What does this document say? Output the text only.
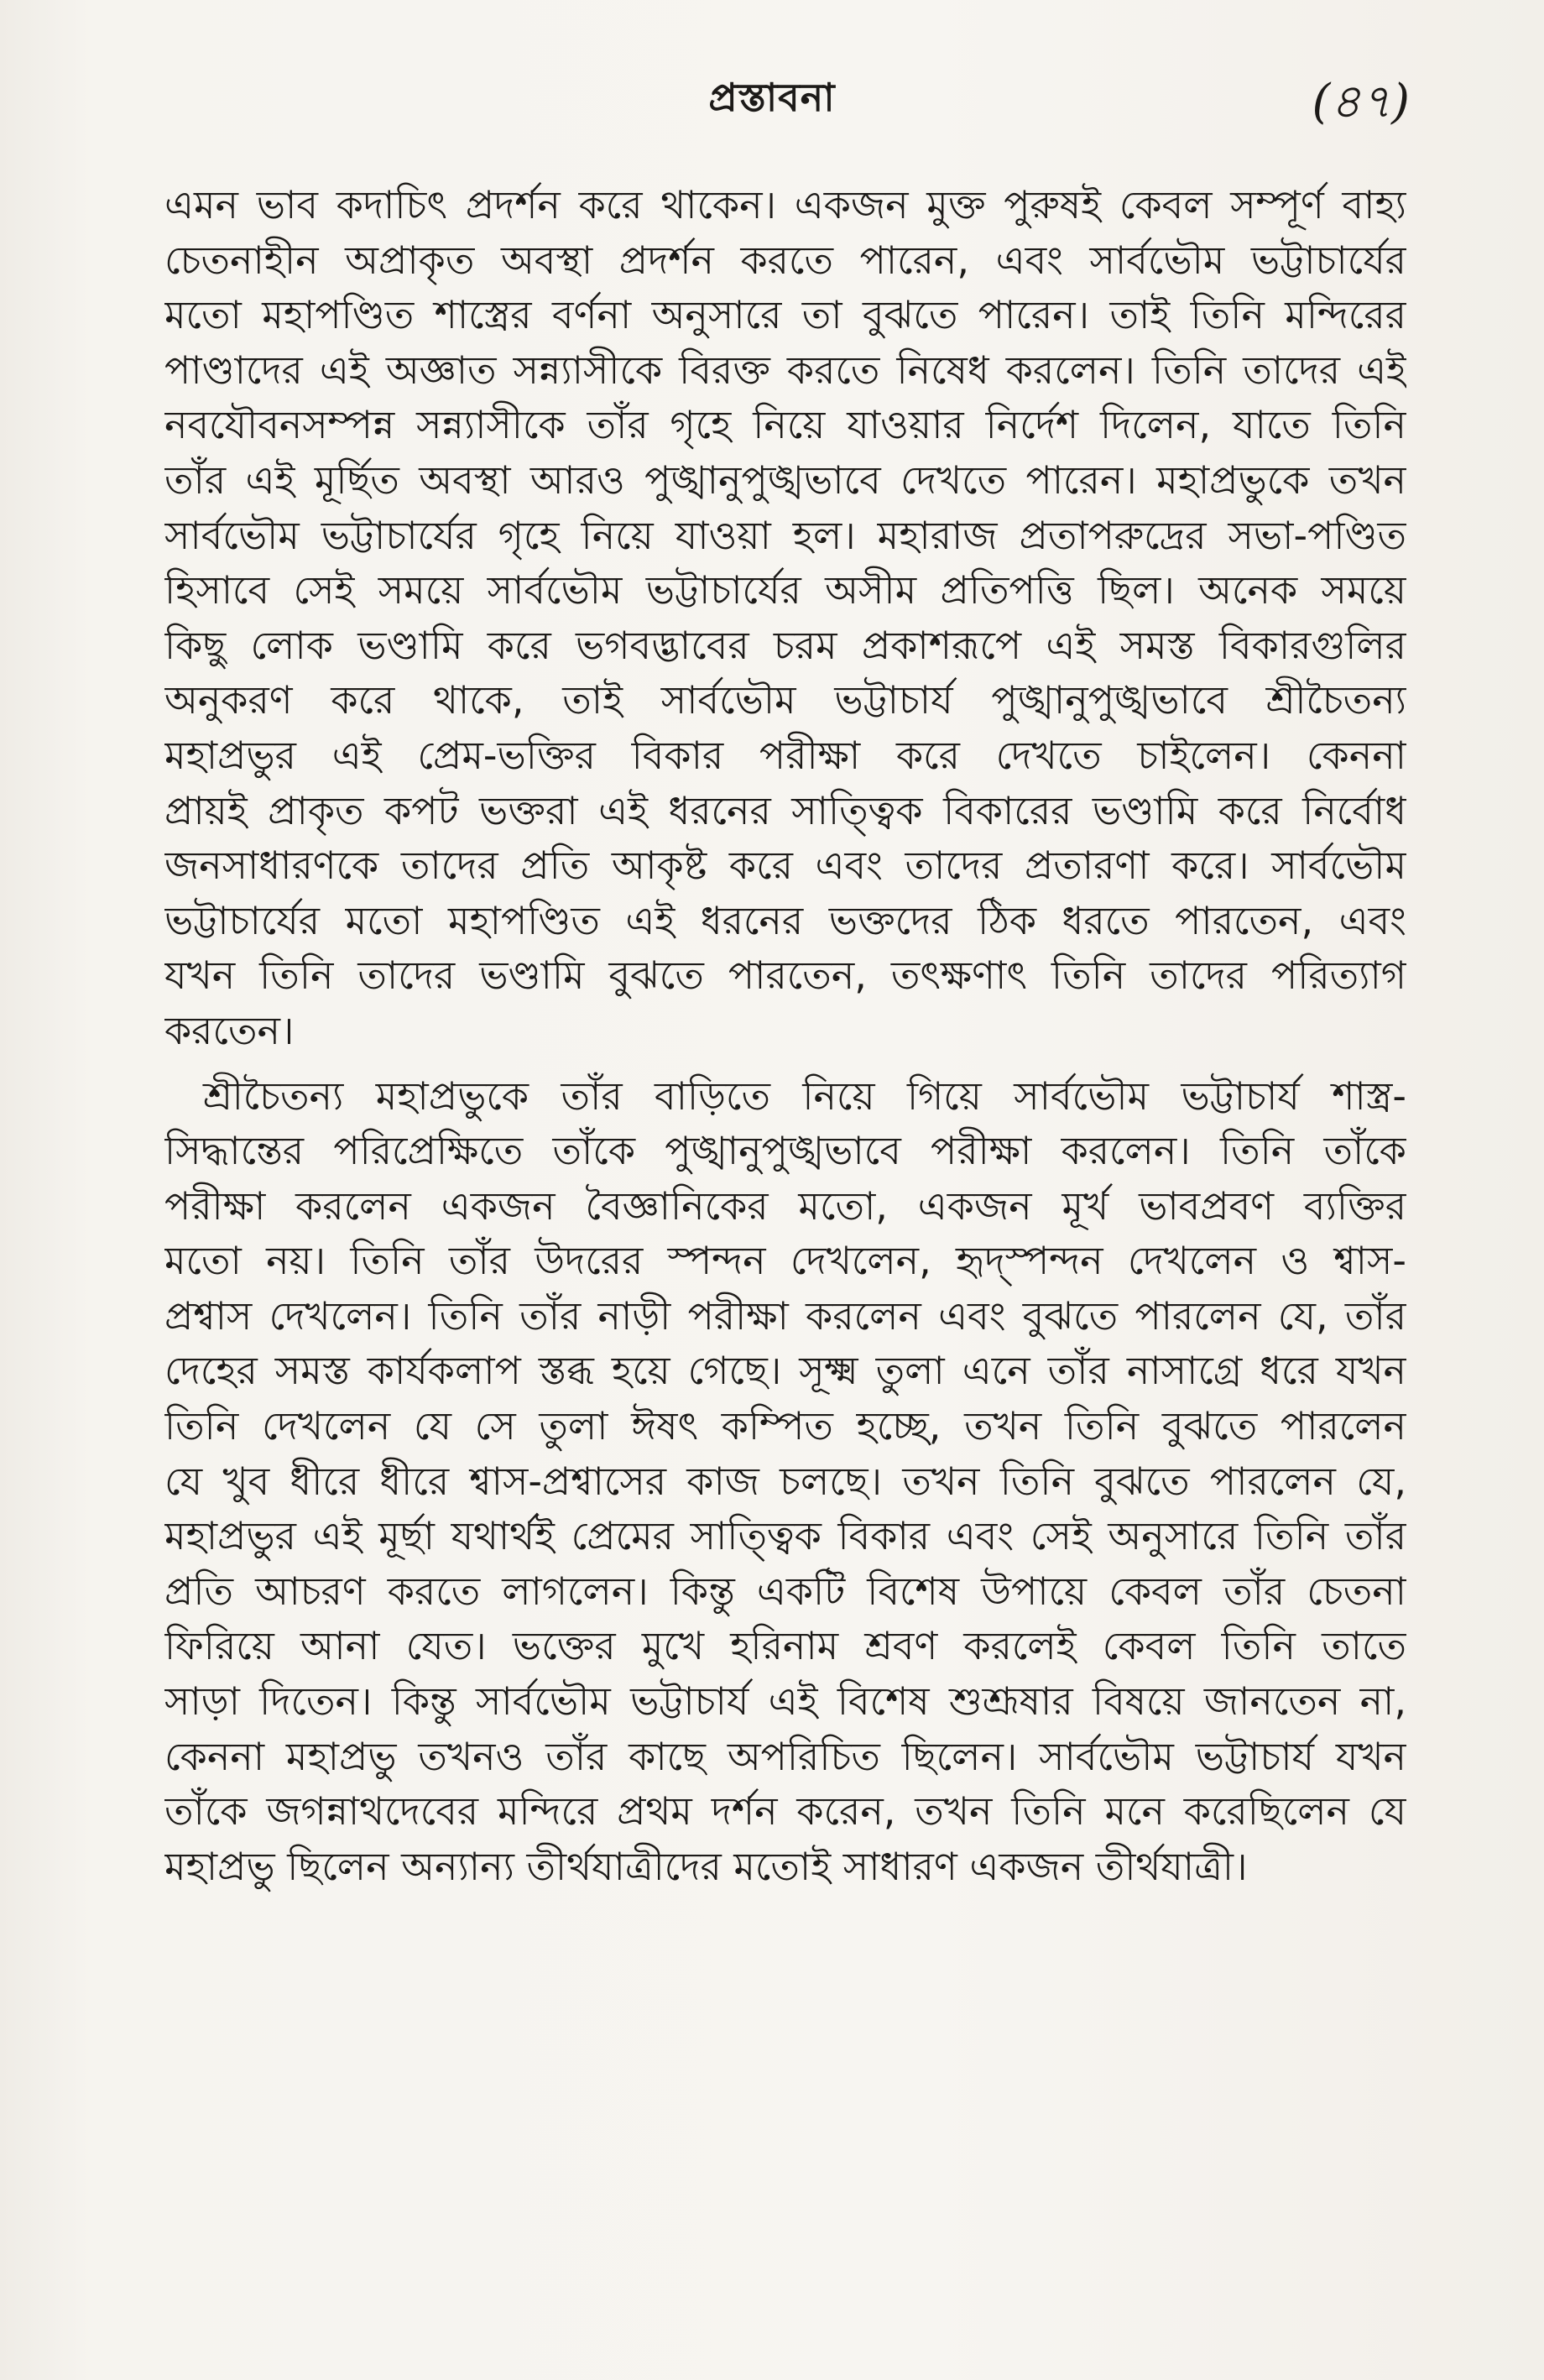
প্রস্তাবনা	(৪৭)
এমন ভাব কদাচিৎ প্রদর্শন করে থাকেন। একজন মুক্ত পুরুষই কেবল সম্পূর্ণ বাহ্য
চেতনাহীন অপ্রাকৃত অবস্থা প্রদর্শন করতে পারেন, এবং সার্বভৌম ভট্টাচার্যের
মতো মহাপণ্ডিত শাস্ত্রের বর্ণনা অনুসারে তা বুঝতে পারেন। তাই তিনি মন্দিরের
পাণ্ডাদের এই অজ্ঞাত সন্ন্যাসীকে বিরক্ত করতে নিষেধ করলেন। তিনি তাদের এই
নবযৌবনসম্পন্ন সন্ন্যাসীকে তাঁর গৃহে নিয়ে যাওয়ার নির্দেশ দিলেন, যাতে তিনি
তাঁর এই মূর্ছিত অবস্থা আরও পুঙ্খানুপুঙ্খভাবে দেখতে পারেন। মহাপ্রভুকে তখন
সার্বভৌম ভট্টাচার্যের গৃহে নিয়ে যাওয়া হল। মহারাজ প্রতাপরুদ্রের সভা-পণ্ডিত
হিসাবে সেই সময়ে সার্বভৌম ভট্টাচার্যের অসীম প্রতিপত্তি ছিল। অনেক সময়ে
কিছু লোক ভণ্ডামি করে ভগবদ্ভাবের চরম প্রকাশরূপে এই সমস্ত বিকারগুলির
অনুকরণ করে থাকে, তাই সার্বভৌম ভট্টাচার্য পুঙ্খানুপুঙ্খভাবে শ্রীচৈতন্য
মহাপ্রভুর এই প্রেম-ভক্তির বিকার পরীক্ষা করে দেখতে চাইলেন। কেননা
প্রায়ই প্রাকৃত কপট ভক্তরা এই ধরনের সাত্ত্বিক বিকারের ভণ্ডামি করে নির্বোধ
জনসাধারণকে তাদের প্রতি আকৃষ্ট করে এবং তাদের প্রতারণা করে। সার্বভৌম
ভট্টাচার্যের মতো মহাপণ্ডিত এই ধরনের ভক্তদের ঠিক ধরতে পারতেন, এবং
যখন তিনি তাদের ভণ্ডামি বুঝতে পারতেন, তৎক্ষণাৎ তিনি তাদের পরিত্যাগ
করতেন।
শ্রীচৈতন্য মহাপ্রভুকে তাঁর বাড়িতে নিয়ে গিয়ে সার্বভৌম ভট্টাচার্য শাস্ত্র-
সিদ্ধান্তের পরিপ্রেক্ষিতে তাঁকে পুঙ্খানুপুঙ্খভাবে পরীক্ষা করলেন। তিনি তাঁকে
পরীক্ষা করলেন একজন বৈজ্ঞানিকের মতো, একজন মূর্খ ভাবপ্রবণ ব্যক্তির
মতো নয়। তিনি তাঁর উদরের স্পন্দন দেখলেন, হৃদ্স্পন্দন দেখলেন ও শ্বাস-
প্রশ্বাস দেখলেন। তিনি তাঁর নাড়ী পরীক্ষা করলেন এবং বুঝতে পারলেন যে, তাঁর
দেহের সমস্ত কার্যকলাপ স্তব্ধ হয়ে গেছে। সূক্ষ্ম তুলা এনে তাঁর নাসাগ্রে ধরে যখন
তিনি দেখলেন যে সে তুলা ঈষৎ কম্পিত হচ্ছে, তখন তিনি বুঝতে পারলেন
যে খুব ধীরে ধীরে শ্বাস-প্রশ্বাসের কাজ চলছে। তখন তিনি বুঝতে পারলেন যে,
মহাপ্রভুর এই মূর্ছা যথার্থই প্রেমের সাত্ত্বিক বিকার এবং সেই অনুসারে তিনি তাঁর
প্রতি আচরণ করতে লাগলেন। কিন্তু একটি বিশেষ উপায়ে কেবল তাঁর চেতনা
ফিরিয়ে আনা যেত। ভক্তের মুখে হরিনাম শ্রবণ করলেই কেবল তিনি তাতে
সাড়া দিতেন। কিন্তু সার্বভৌম ভট্টাচার্য এই বিশেষ শুশ্রূষার বিষয়ে জানতেন না,
কেননা মহাপ্রভু তখনও তাঁর কাছে অপরিচিত ছিলেন। সার্বভৌম ভট্টাচার্য যখন
তাঁকে জগন্নাথদেবের মন্দিরে প্রথম দর্শন করেন, তখন তিনি মনে করেছিলেন যে
মহাপ্রভু ছিলেন অন্যান্য তীর্থযাত্রীদের মতোই সাধারণ একজন তীর্থযাত্রী।
